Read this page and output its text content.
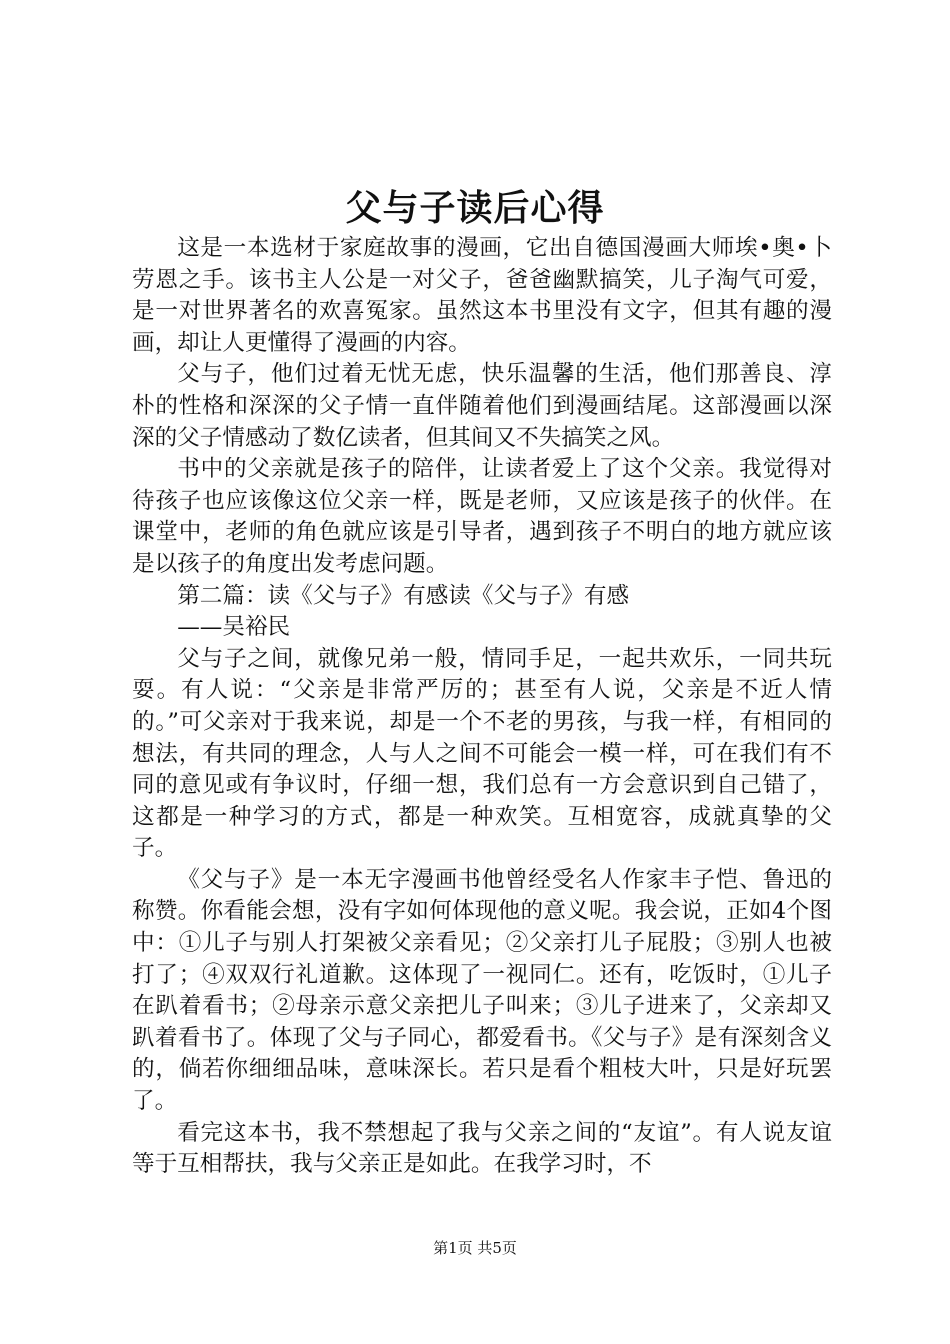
父与子读后心得

这是一本选材于家庭故事的漫画，它出自德国漫画大师埃•奥•卜劳恩之手。该书主人公是一对父子，爸爸幽默搞笑，儿子淘气可爱，是一对世界著名的欢喜冤家。虽然这本书里没有文字，但其有趣的漫画，却让人更懂得了漫画的内容。

父与子，他们过着无忧无虑，快乐温馨的生活，他们那善良、淳朴的性格和深深的父子情一直伴随着他们到漫画结尾。这部漫画以深深的父子情感动了数亿读者，但其间又不失搞笑之风。

书中的父亲就是孩子的陪伴，让读者爱上了这个父亲。我觉得对待孩子也应该像这位父亲一样，既是老师，又应该是孩子的伙伴。在课堂中，老师的角色就应该是引导者，遇到孩子不明白的地方就应该是以孩子的角度出发考虑问题。

第二篇：读《父与子》有感读《父与子》有感

——吴裕民

父与子之间，就像兄弟一般，情同手足，一起共欢乐，一同共玩耍。有人说：“父亲是非常严厉的；甚至有人说，父亲是不近人情的。”可父亲对于我来说，却是一个不老的男孩，与我一样，有相同的想法，有共同的理念，人与人之间不可能会一模一样，可在我们有不同的意见或有争议时，仔细一想，我们总有一方会意识到自己错了，这都是一种学习的方式，都是一种欢笑。互相宽容，成就真挚的父子。

《父与子》是一本无字漫画书他曾经受名人作家丰子恺、鲁迅的称赞。你看能会想，没有字如何体现他的意义呢。我会说，正如4个图中：①儿子与别人打架被父亲看见；②父亲打儿子屁股；③别人也被打了；④双双行礼道歉。这体现了一视同仁。还有，吃饭时，①儿子在趴着看书；②母亲示意父亲把儿子叫来；③儿子进来了，父亲却又趴着看书了。体现了父与子同心，都爱看书。《父与子》是有深刻含义的，倘若你细细品味，意味深长。若只是看个粗枝大叶，只是好玩罢了。

看完这本书，我不禁想起了我与父亲之间的“友谊”。有人说友谊等于互相帮扶，我与父亲正是如此。在我学习时，不

第1页 共5页
